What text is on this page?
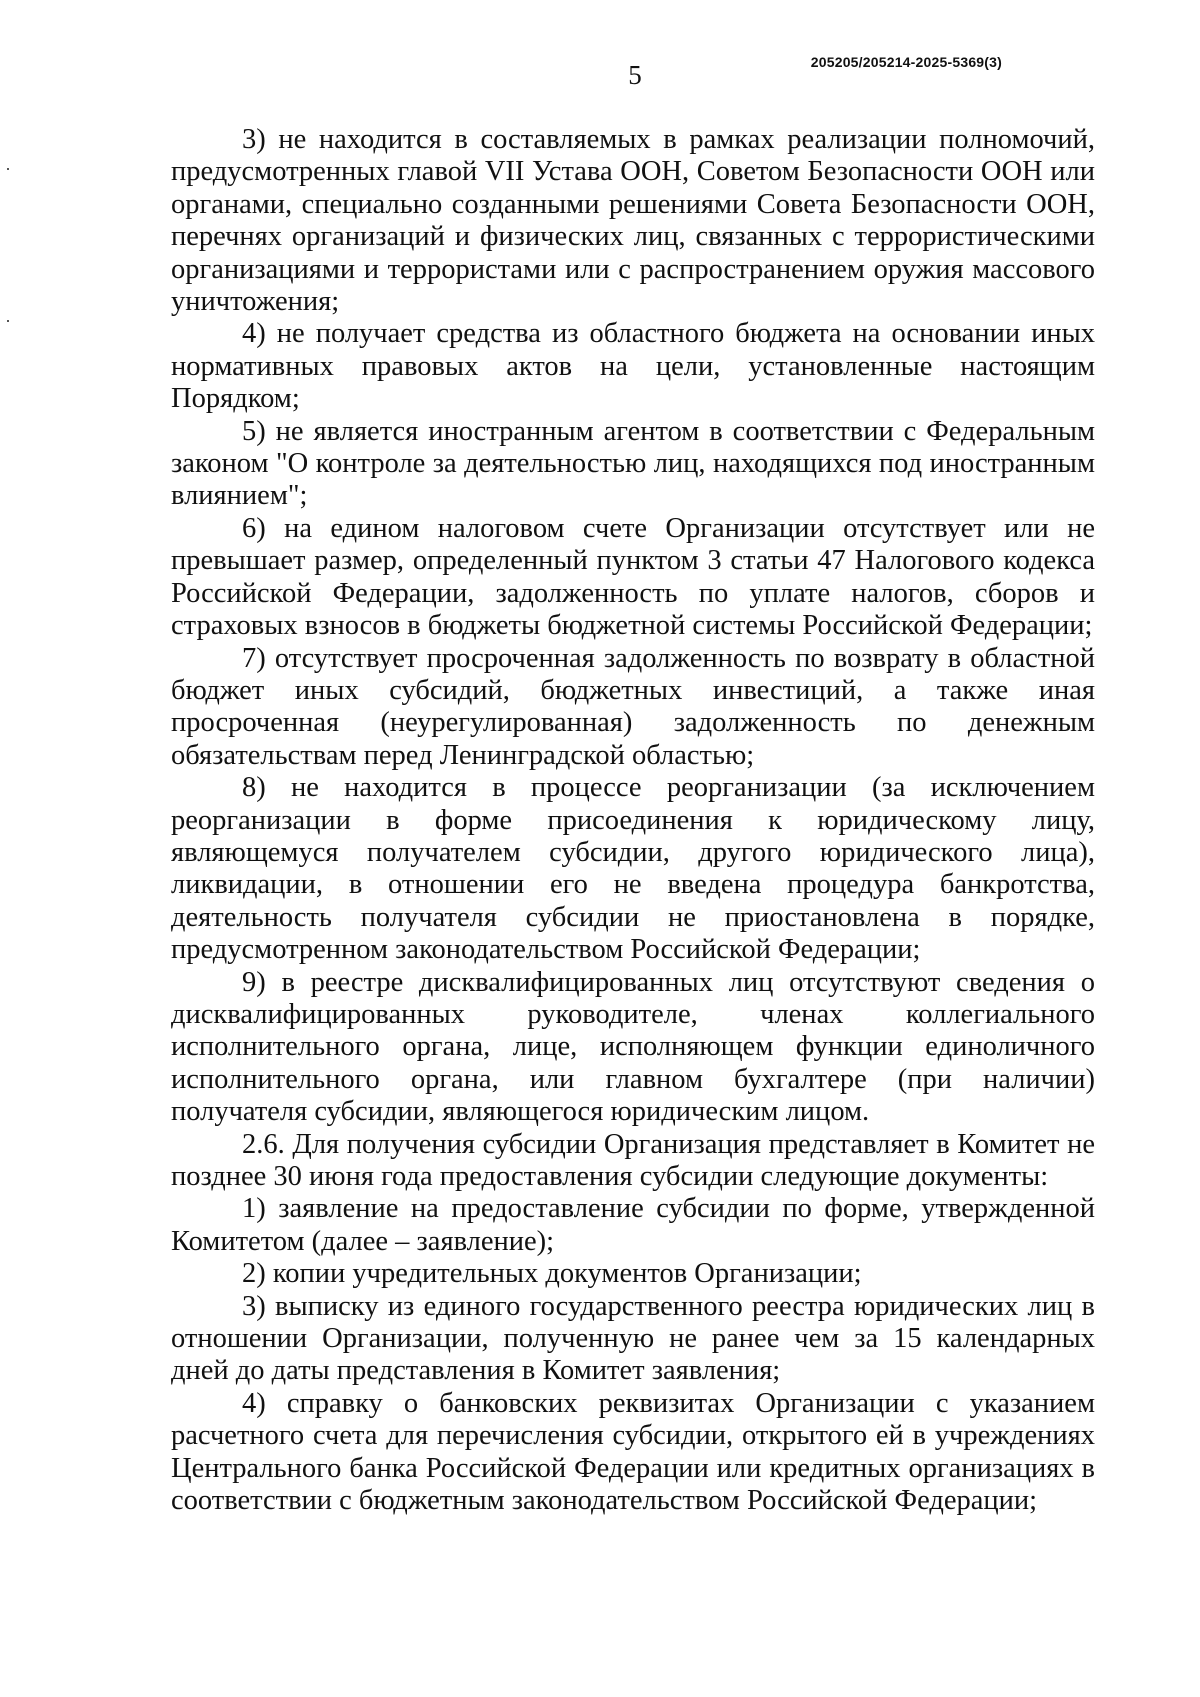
5	205205/205214-2025-5369(3)

3) не находится в составляемых в рамках реализации полномочий, предусмотренных главой VII Устава ООН, Советом Безопасности ООН или органами, специально созданными решениями Совета Безопасности ООН, перечнях организаций и физических лиц, связанных с террористическими организациями и террористами или с распространением оружия массового уничтожения;

4) не получает средства из областного бюджета на основании иных нормативных правовых актов на цели, установленные настоящим Порядком;

5) не является иностранным агентом в соответствии с Федеральным законом "О контроле за деятельностью лиц, находящихся под иностранным влиянием";

6) на едином налоговом счете Организации отсутствует или не превышает размер, определенный пунктом 3 статьи 47 Налогового кодекса Российской Федерации, задолженность по уплате налогов, сборов и страховых взносов в бюджеты бюджетной системы Российской Федерации;

7) отсутствует просроченная задолженность по возврату в областной бюджет иных субсидий, бюджетных инвестиций, а также иная просроченная (неурегулированная) задолженность по денежным обязательствам перед Ленинградской областью;

8) не находится в процессе реорганизации (за исключением реорганизации в форме присоединения к юридическому лицу, являющемуся получателем субсидии, другого юридического лица), ликвидации, в отношении его не введена процедура банкротства, деятельность получателя субсидии не приостановлена в порядке, предусмотренном законодательством Российской Федерации;

9) в реестре дисквалифицированных лиц отсутствуют сведения о дисквалифицированных руководителе, членах коллегиального исполнительного органа, лице, исполняющем функции единоличного исполнительного органа, или главном бухгалтере (при наличии) получателя субсидии, являющегося юридическим лицом.

2.6. Для получения субсидии Организация представляет в Комитет не позднее 30 июня года предоставления субсидии следующие документы:

1) заявление на предоставление субсидии по форме, утвержденной Комитетом (далее – заявление);

2) копии учредительных документов Организации;

3) выписку из единого государственного реестра юридических лиц в отношении Организации, полученную не ранее чем за 15 календарных дней до даты представления в Комитет заявления;

4) справку о банковских реквизитах Организации с указанием расчетного счета для перечисления субсидии, открытого ей в учреждениях Центрального банка Российской Федерации или кредитных организациях в соответствии с бюджетным законодательством Российской Федерации;
